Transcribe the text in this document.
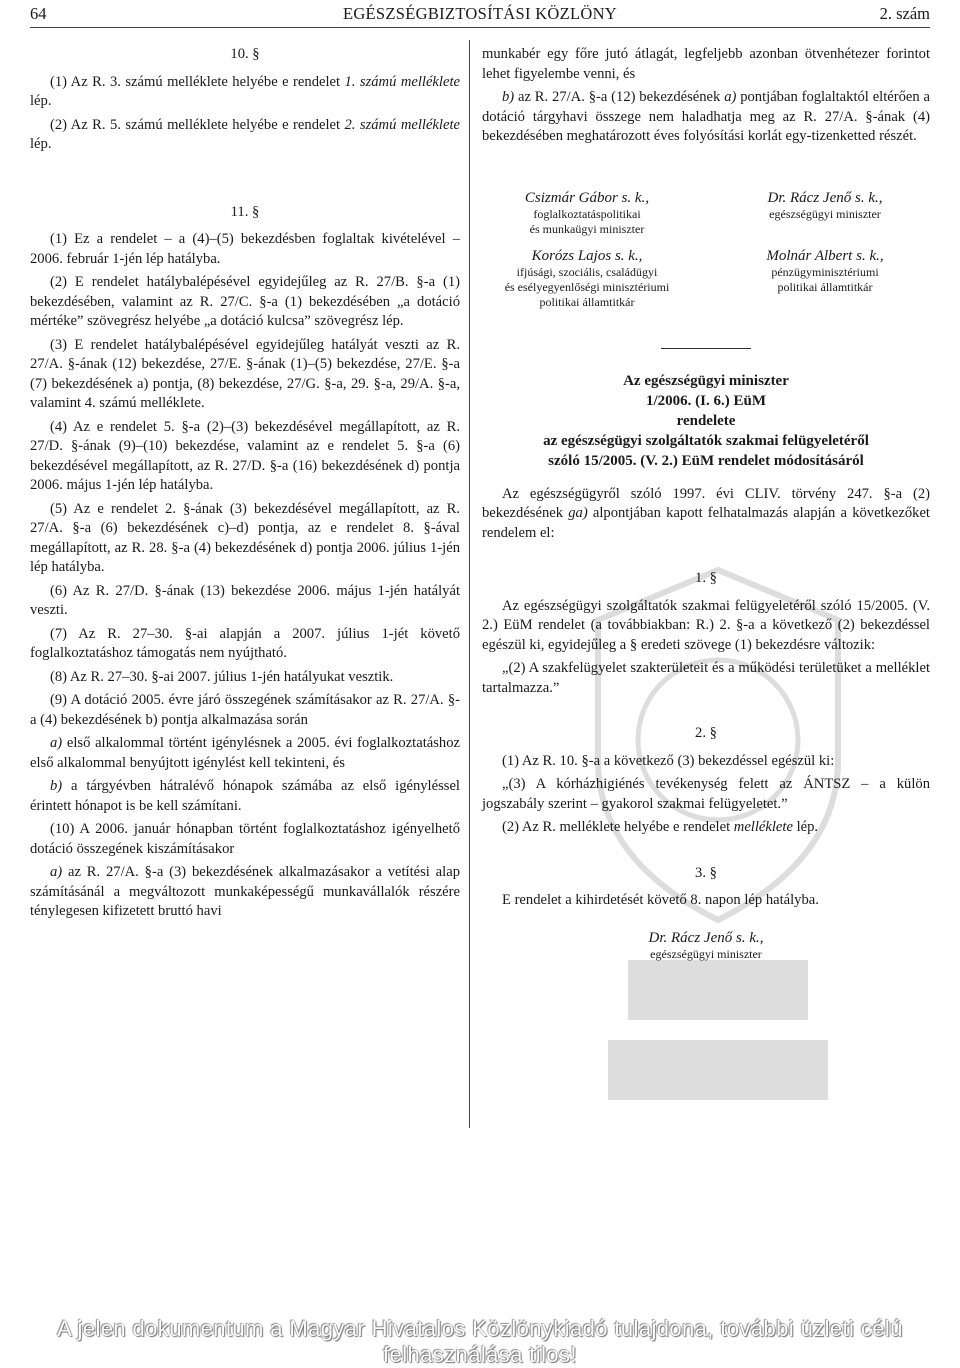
64	EGÉSZSÉGBIZTOSÍTÁSI KÖZLÖNY	2. szám

10. §

(1) Az R. 3. számú melléklete helyébe e rendelet 1. számú melléklete lép.

(2) Az R. 5. számú melléklete helyébe e rendelet 2. számú melléklete lép.

11. §

(1) Ez a rendelet – a (4)–(5) bekezdésben foglaltak kivételével – 2006. február 1-jén lép hatályba.

(2) E rendelet hatálybalépésével egyidejűleg az R. 27/B. §-a (1) bekezdésében, valamint az R. 27/C. §-a (1) bekezdésében „a dotáció mértéke” szövegrész helyébe „a dotáció kulcsa” szövegrész lép.

(3) E rendelet hatálybalépésével egyidejűleg hatályát veszti az R. 27/A. §-ának (12) bekezdése, 27/E. §-ának (1)–(5) bekezdése, 27/E. §-a (7) bekezdésének a) pontja, (8) bekezdése, 27/G. §-a, 29. §-a, 29/A. §-a, valamint 4. számú melléklete.

(4) Az e rendelet 5. §-a (2)–(3) bekezdésével megállapított, az R. 27/D. §-ának (9)–(10) bekezdése, valamint az e rendelet 5. §-a (6) bekezdésével megállapított, az R. 27/D. §-a (16) bekezdésének d) pontja 2006. május 1-jén lép hatályba.

(5) Az e rendelet 2. §-ának (3) bekezdésével megállapított, az R. 27/A. §-a (6) bekezdésének c)–d) pontja, az e rendelet 8. §-ával megállapított, az R. 28. §-a (4) bekezdésének d) pontja 2006. július 1-jén lép hatályba.

(6) Az R. 27/D. §-ának (13) bekezdése 2006. május 1-jén hatályát veszti.

(7) Az R. 27–30. §-ai alapján a 2007. július 1-jét követő foglalkoztatáshoz támogatás nem nyújtható.

(8) Az R. 27–30. §-ai 2007. július 1-jén hatályukat vesztik.

(9) A dotáció 2005. évre járó összegének számításakor az R. 27/A. §-a (4) bekezdésének b) pontja alkalmazása során

a) első alkalommal történt igénylésnek a 2005. évi foglalkoztatáshoz első alkalommal benyújtott igénylést kell tekinteni, és

b) a tárgyévben hátralévő hónapok számába az első igényléssel érintett hónapot is be kell számítani.

(10) A 2006. január hónapban történt foglalkoztatáshoz igényelhető dotáció összegének kiszámításakor

a) az R. 27/A. §-a (3) bekezdésének alkalmazásakor a vetítési alap számításánál a megváltozott munkaképességű munkavállalók részére ténylegesen kifizetett bruttó havi

munkabér egy főre jutó átlagát, legfeljebb azonban ötvenhétezer forintot lehet figyelembe venni, és

b) az R. 27/A. §-a (12) bekezdésének a) pontjában foglaltaktól eltérően a dotáció tárgyhavi összege nem haladhatja meg az R. 27/A. §-ának (4) bekezdésében meghatározott éves folyósítási korlát egy-tizenketted részét.

Csizmár Gábor s. k.,
foglalkoztatáspolitikai
és munkaügyi miniszter
Korózs Lajos s. k.,
ifjúsági, szociális, családügyi
és esélyegyenlőségi minisztériumi
politikai államtitkár
Dr. Rácz Jenő s. k.,
egészségügyi miniszter
Molnár Albert s. k.,
pénzügyminisztériumi
politikai államtitkár
Az egészségügyi miniszter
1/2006. (I. 6.) EüM
rendelete
az egészségügyi szolgáltatók szakmai felügyeletéről
szóló 15/2005. (V. 2.) EüM rendelet módosításáról

Az egészségügyről szóló 1997. évi CLIV. törvény 247. §-a (2) bekezdésének ga) alpontjában kapott felhatalmazás alapján a következőket rendelem el:

1. §

Az egészségügyi szolgáltatók szakmai felügyeletéről szóló 15/2005. (V. 2.) EüM rendelet (a továbbiakban: R.) 2. §-a a következő (2) bekezdéssel egészül ki, egyidejűleg a § eredeti szövege (1) bekezdésre változik:

„(2) A szakfelügyelet szakterületeit és a működési területüket a melléklet tartalmazza.”

2. §

(1) Az R. 10. §-a a következő (3) bekezdéssel egészül ki:

„(3) A kórházhigiénés tevékenység felett az ÁNTSZ – a külön jogszabály szerint – gyakorol szakmai felügyeletet.”

(2) Az R. melléklete helyébe e rendelet melléklete lép.

3. §

E rendelet a kihirdetését követő 8. napon lép hatályba.

Dr. Rácz Jenő s. k.,
egészségügyi miniszter
A jelen dokumentum a Magyar Hivatalos Közlönykiadó tulajdona, további üzleti célú felhasználása tilos!
